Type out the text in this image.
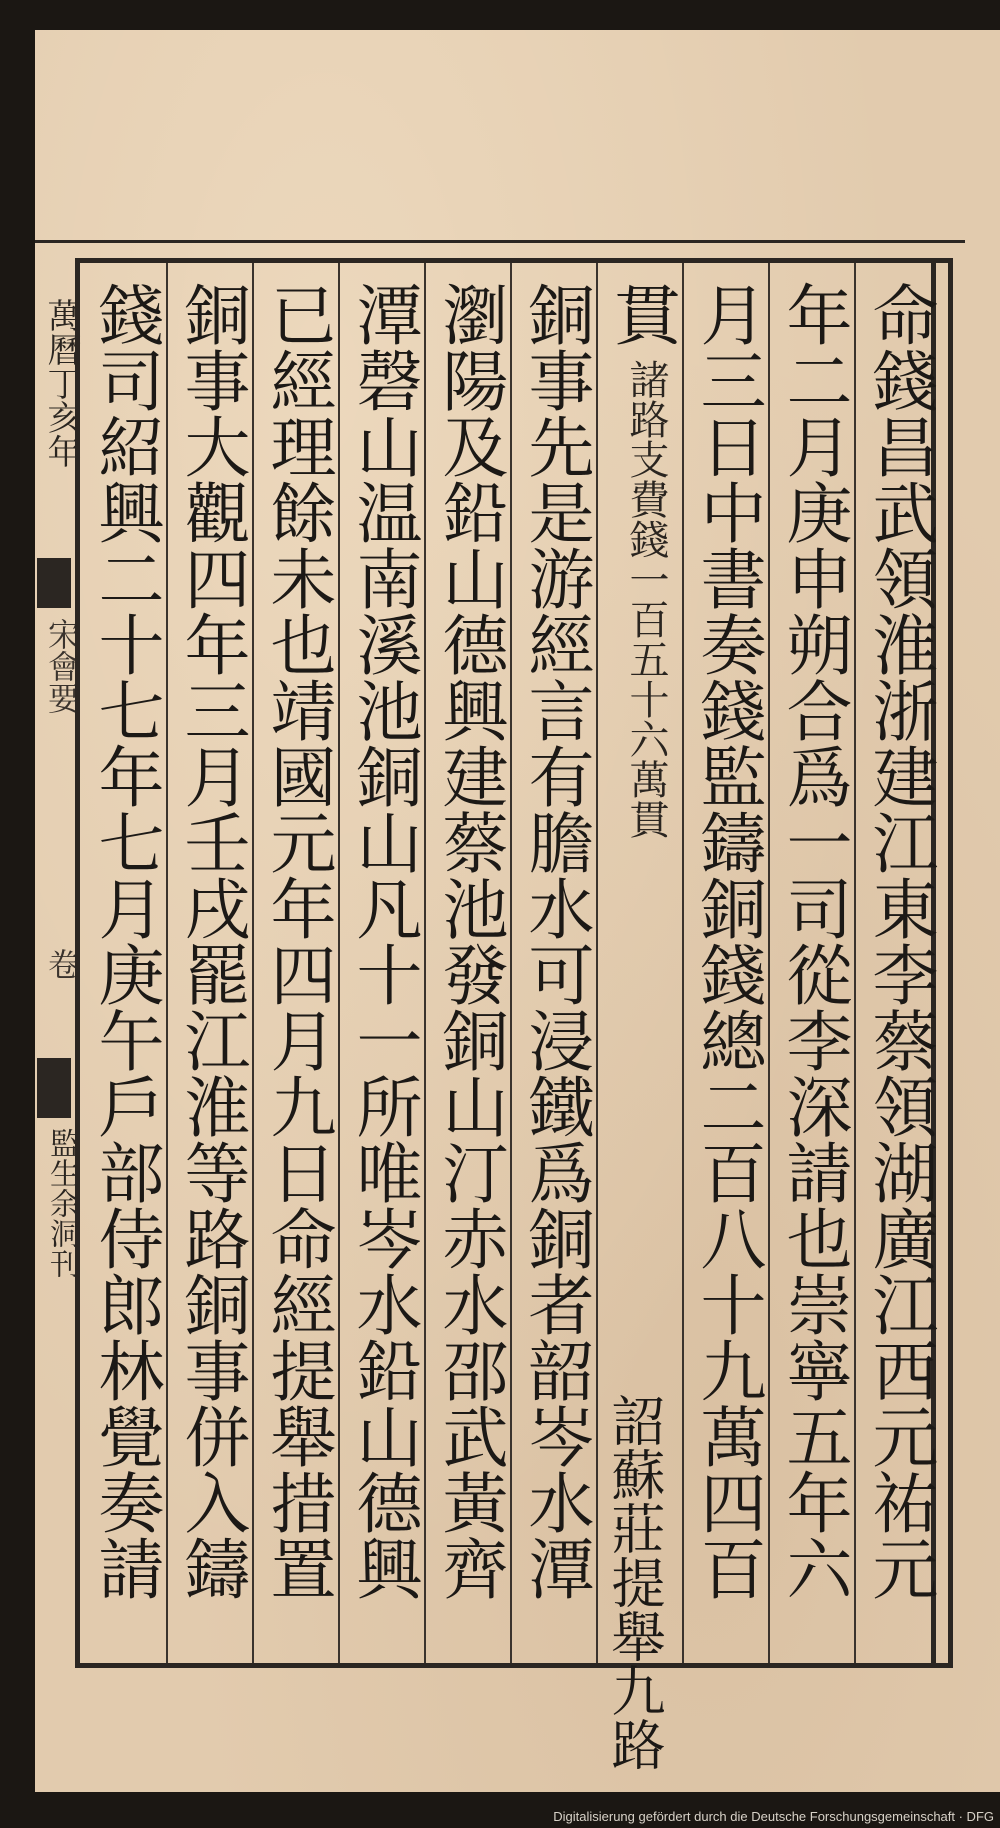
萬曆丁亥年
宋會要
卷
監生余洞刊	命錢昌武領淮浙建江東李蔡領湖廣江西元祐元
年二月庚申朔合爲一司從李深請也崇寧五年六
月三日中書奏錢監鑄銅錢總二百八十九萬四百
貫
諸路支費錢一百五十六萬貫
詔蘇莊提舉九路
銅事先是游經言有膽水可浸鐵爲銅者韶岑水潭
瀏陽及鉛山德興建蔡池發銅山汀赤水邵武黃齊
潭磬山温南溪池銅山凡十一所唯岑水鉛山德興
已經理餘未也靖國元年四月九日命經提舉措置
銅事大觀四年三月壬戌罷江淮等路銅事併入鑄
錢司紹興二十七年七月庚午戶部侍郎林覺奏請
Digitalisierung gefördert durch die Deutsche Forschungsgemeinschaft · DFG
